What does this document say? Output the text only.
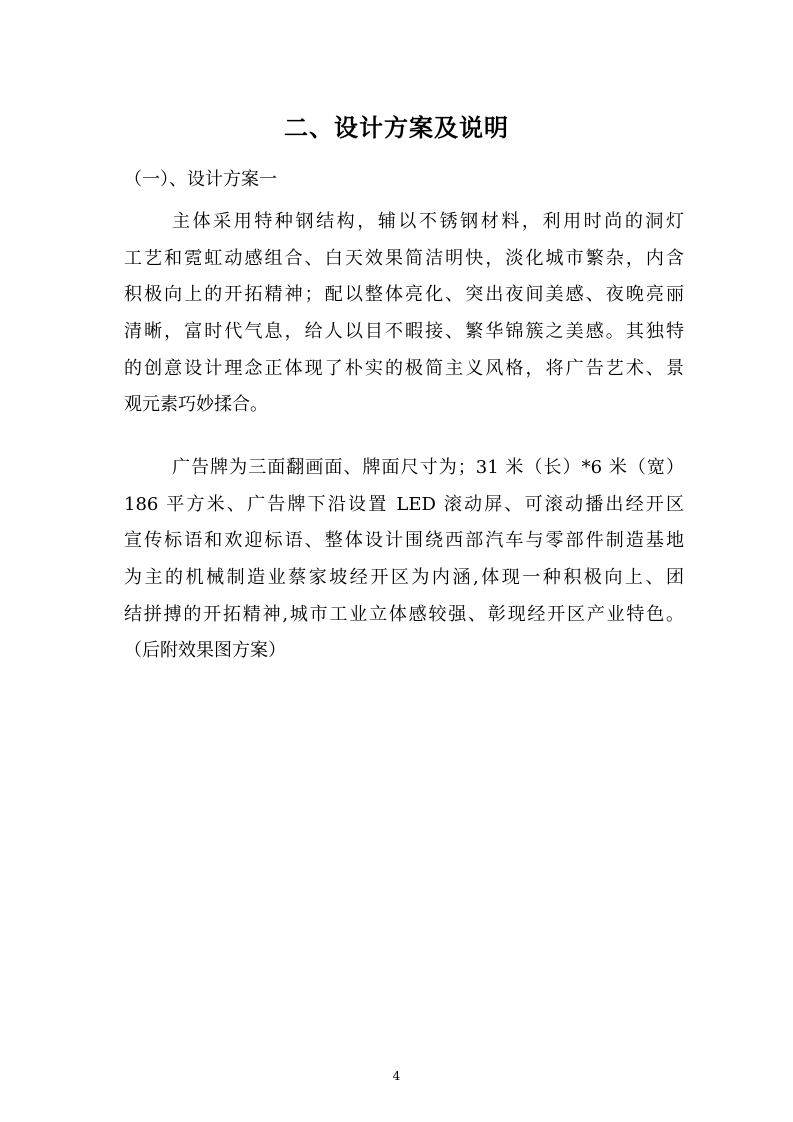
二、设计方案及说明
（一）、设计方案一
主体采用特种钢结构，辅以不锈钢材料，利用时尚的洞灯
工艺和霓虹动感组合、白天效果简洁明快，淡化城市繁杂，内含
积极向上的开拓精神；配以整体亮化、突出夜间美感、夜晚亮丽
清晰，富时代气息，给人以目不暇接、繁华锦簇之美感。其独特
的创意设计理念正体现了朴实的极简主义风格，将广告艺术、景
观元素巧妙揉合。
广告牌为三面翻画面、牌面尺寸为；31 米（长）*6 米（宽）
186 平方米、广告牌下沿设置 LED 滚动屏、可滚动播出经开区
宣传标语和欢迎标语、整体设计围绕西部汽车与零部件制造基地
为主的机械制造业蔡家坡经开区为内涵,体现一种积极向上、团
结拼搏的开拓精神,城市工业立体感较强、彰现经开区产业特色。
（后附效果图方案）
4
